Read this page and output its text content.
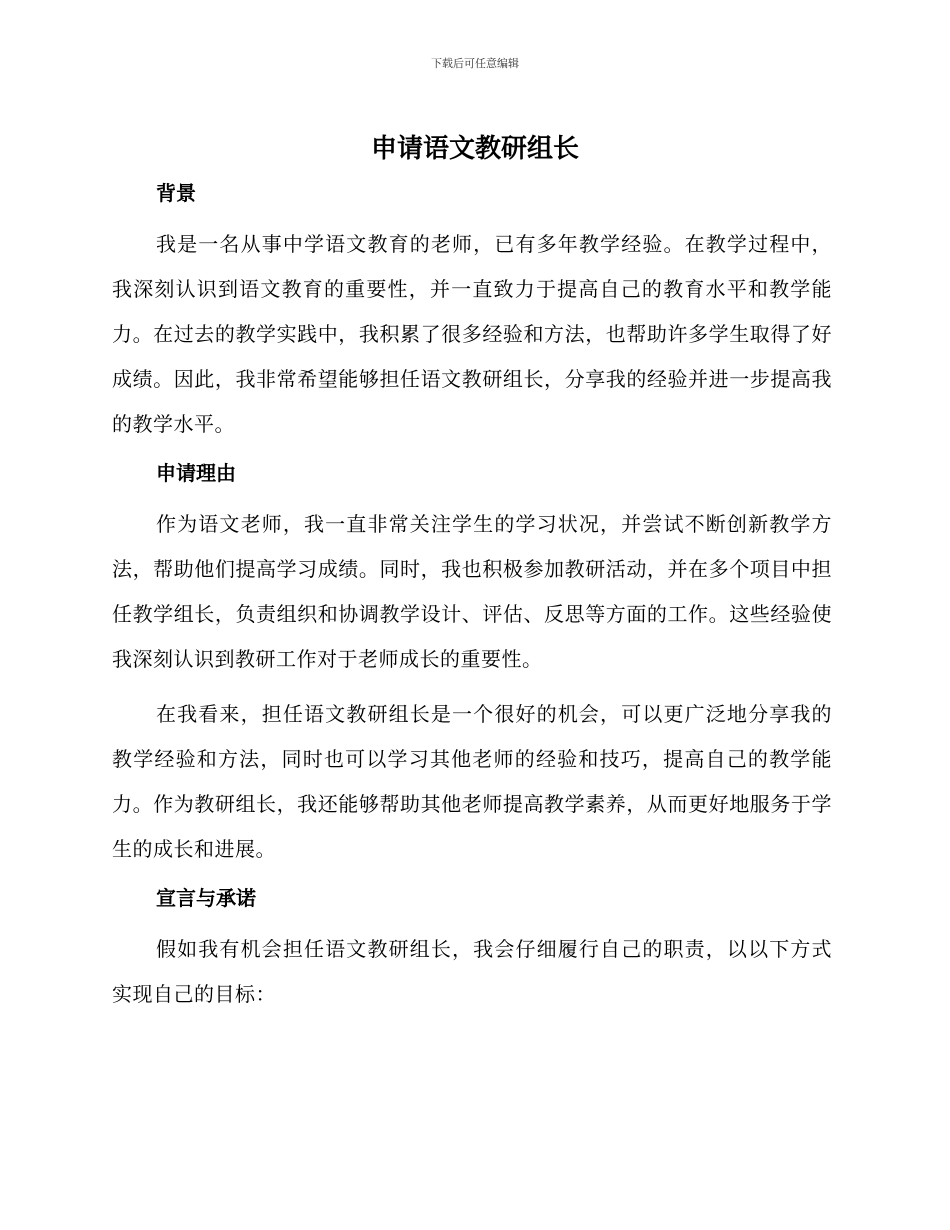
下载后可任意编辑
申请语文教研组长
背景

我是一名从事中学语文教育的老师，已有多年教学经验。在教学过程中，我深刻认识到语文教育的重要性，并一直致力于提高自己的教育水平和教学能力。在过去的教学实践中，我积累了很多经验和方法，也帮助许多学生取得了好成绩。因此，我非常希望能够担任语文教研组长，分享我的经验并进一步提高我的教学水平。

申请理由

作为语文老师，我一直非常关注学生的学习状况，并尝试不断创新教学方法，帮助他们提高学习成绩。同时，我也积极参加教研活动，并在多个项目中担任教学组长，负责组织和协调教学设计、评估、反思等方面的工作。这些经验使我深刻认识到教研工作对于老师成长的重要性。

在我看来，担任语文教研组长是一个很好的机会，可以更广泛地分享我的教学经验和方法，同时也可以学习其他老师的经验和技巧，提高自己的教学能力。作为教研组长，我还能够帮助其他老师提高教学素养，从而更好地服务于学生的成长和进展。

宣言与承诺

假如我有机会担任语文教研组长，我会仔细履行自己的职责，以以下方式实现自己的目标：
